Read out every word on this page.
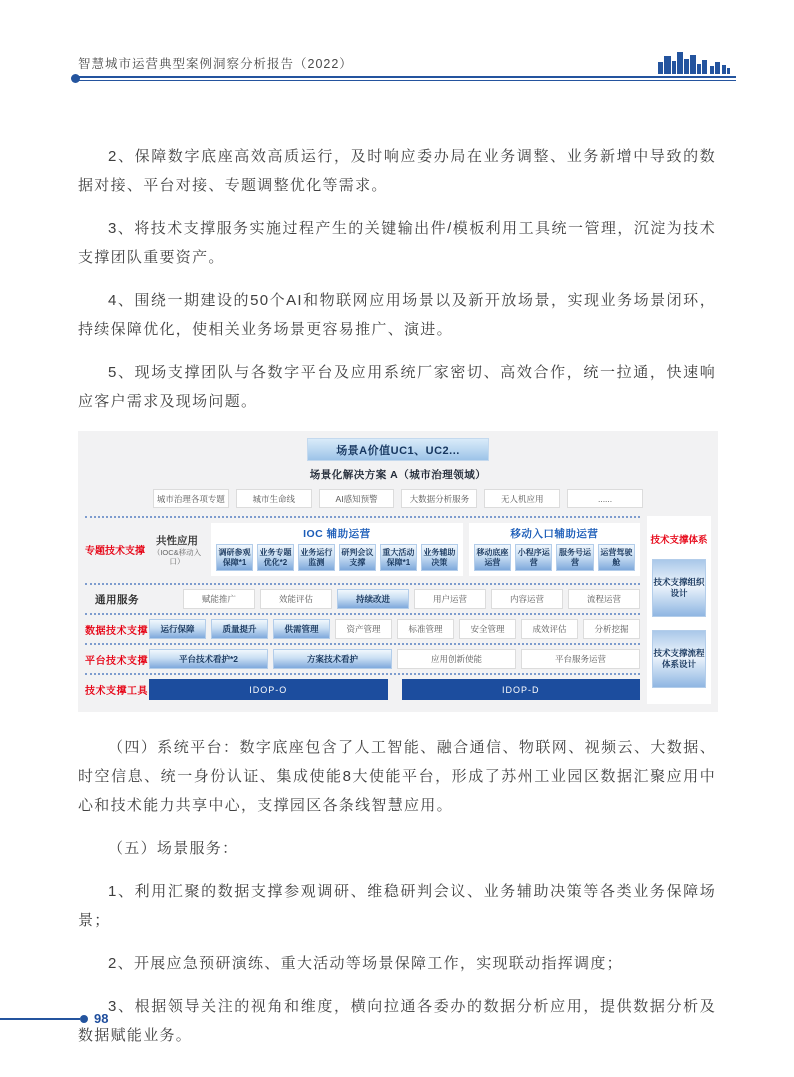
智慧城市运营典型案例洞察分析报告（2022）

2、保障数字底座高效高质运行，及时响应委办局在业务调整、业务新增中导致的数据对接、平台对接、专题调整优化等需求。

3、将技术支撑服务实施过程产生的关键输出件/模板利用工具统一管理，沉淀为技术支撑团队重要资产。

4、围绕一期建设的50个AI和物联网应用场景以及新开放场景，实现业务场景闭环，持续保障优化，使相关业务场景更容易推广、演进。

5、现场支撑团队与各数字平台及应用系统厂家密切、高效合作，统一拉通，快速响应客户需求及现场问题。

场景A价值UC1、UC2...
场景化解决方案 A（城市治理领域）
城市治理各项专题	城市生命线	AI感知预警	大数据分析服务	无人机应用	......
专题技术支撑
共性应用
（IOC&移动入口）
IOC 辅助运营
调研参观保障*1
业务专题优化*2
业务运行监测
研判会议支撑
重大活动保障*1
业务辅助决策
移动入口辅助运营
移动底座运营
小程序运营
服务号运营
运营驾驶舱
通用服务	赋能推广	效能评估	持续改进	用户运营	内容运营	流程运营
数据技术支撑	运行保障	质量提升	供需管理	资产管理	标准管理	安全管理	成效评估	分析挖掘
平台技术支撑	平台技术看护*2	方案技术看护	应用创新使能	平台服务运营
技术支撑工具	IDOP-O	IDOP-D
技术支撑体系
技术支撑组织设计
技术支撑流程体系设计

（四）系统平台：数字底座包含了人工智能、融合通信、物联网、视频云、大数据、时空信息、统一身份认证、集成使能8大使能平台，形成了苏州工业园区数据汇聚应用中心和技术能力共享中心，支撑园区各条线智慧应用。

（五）场景服务：

1、利用汇聚的数据支撑参观调研、维稳研判会议、业务辅助决策等各类业务保障场景；

2、开展应急预研演练、重大活动等场景保障工作，实现联动指挥调度；

3、根据领导关注的视角和维度，横向拉通各委办的数据分析应用，提供数据分析及数据赋能业务。

98
